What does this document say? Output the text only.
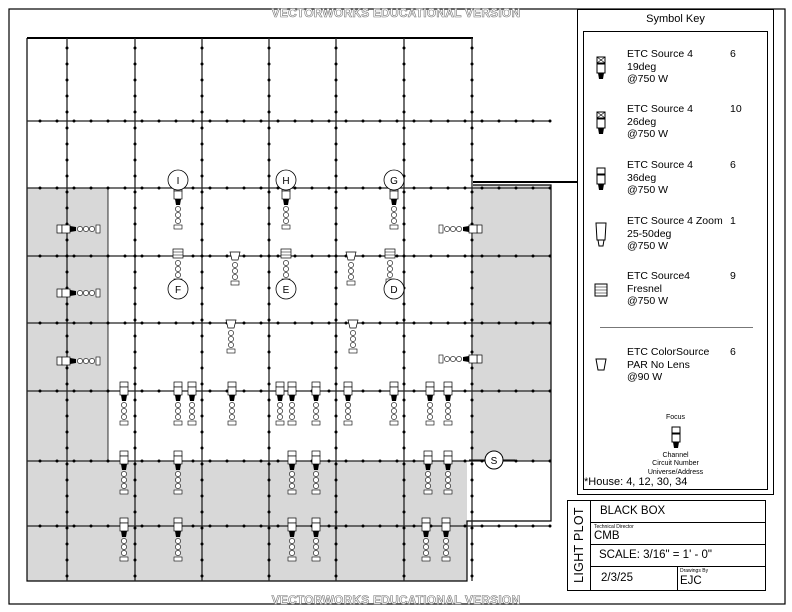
I	H	G
F	E	D
S
VECTORWORKS EDUCATIONAL VERSION
VECTORWORKS EDUCATIONAL VERSION
Symbol Key
ETC Source 4
19deg
@750 W
6
ETC Source 4
26deg
@750 W
10
ETC Source 4
36deg
@750 W
6
ETC Source 4 Zoom
25-50deg
@750 W
1
ETC Source4
Fresnel
@750 W
9
ETC ColorSource
PAR No Lens
@90 W
6
Focus
Channel
Circuit Number
Universe/Address
*House: 4, 12, 30, 34
LIGHT PLOT BLACK BOX
Technical Director
CMB
SCALE: 3/16" = 1' - 0"
2/3/25
Drawings By
EJC
